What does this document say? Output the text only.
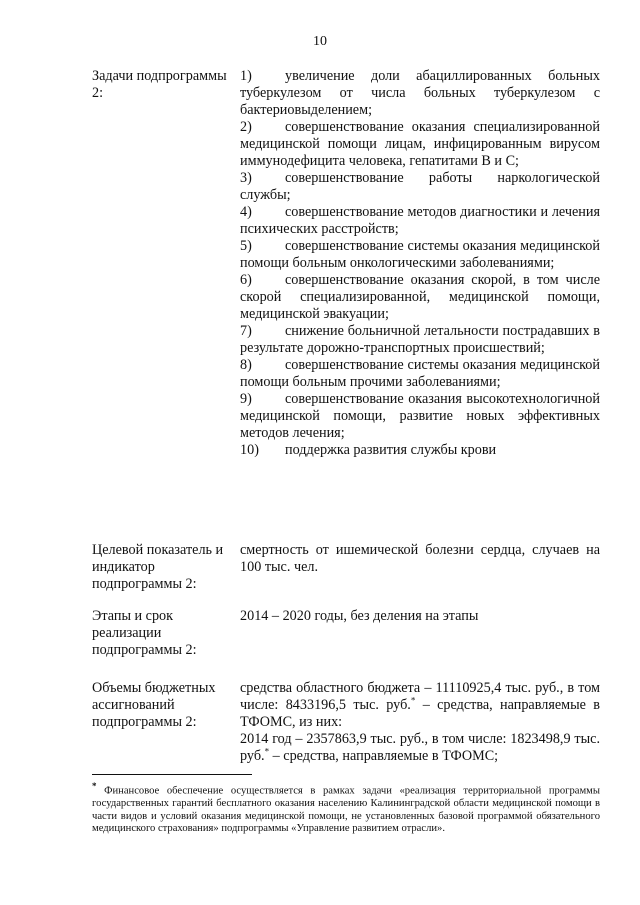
10
Задачи подпрограммы 2:

1) увеличение доли абациллированных больных туберкулезом от числа больных туберкулезом с бактериовыделением;

2) совершенствование оказания специализированной медицинской помощи лицам, инфицированным вирусом иммунодефицита человека, гепатитами В и С;

3) совершенствование работы наркологической службы;

4) совершенствование методов диагностики и лечения психических расстройств;

5) совершенствование системы оказания медицинской помощи больным онкологическими заболеваниями;

6) совершенствование оказания скорой, в том числе скорой специализированной, медицинской помощи, медицинской эвакуации;

7) снижение больничной летальности пострадавших в результате дорожно-транспортных происшествий;

8) совершенствование системы оказания медицинской помощи больным прочими заболеваниями;

9) совершенствование оказания высокотехнологичной медицинской помощи, развитие новых эффективных методов лечения;

10) поддержка развития службы крови

Целевой показатель и индикатор подпрограммы 2:
смертность от ишемической болезни сердца, случаев на 100 тыс. чел.
Этапы и срок реализации подпрограммы 2:
2014 – 2020 годы, без деления на этапы
Объемы бюджетных ассигнований подпрограммы 2:
средства областного бюджета – 11110925,4 тыс. руб., в том числе: 8433196,5 тыс. руб.* – средства, направляемые в ТФОМС, из них:
2014 год – 2357863,9 тыс. руб., в том числе: 1823498,9 тыс. руб.* – средства, направляемые в ТФОМС;
* Финансовое обеспечение осуществляется в рамках задачи «реализация территориальной программы государственных гарантий бесплатного оказания населению Калининградской области медицинской помощи в части видов и условий оказания медицинской помощи, не установленных базовой программой обязательного медицинского страхования» подпрограммы «Управление развитием отрасли».
